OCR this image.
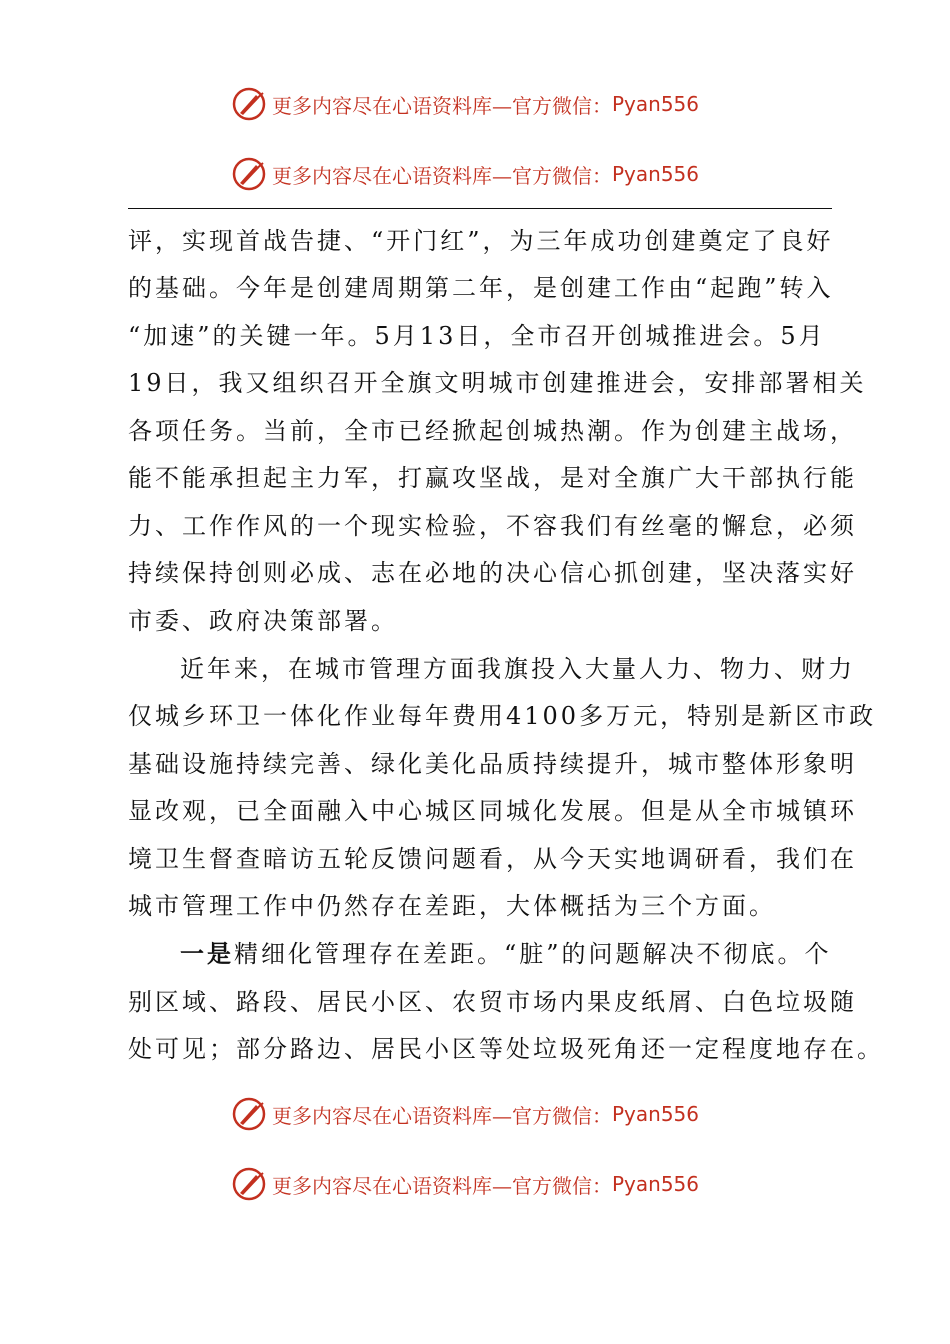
更多内容尽在心语资料库—官方微信： Pyan556
更多内容尽在心语资料库—官方微信： Pyan556
评，实现首战告捷、“开门红”，为三年成功创建奠定了良好
的基础。今年是创建周期第二年，是创建工作由“起跑”转入
“加速”的关键一年。5月13日，全市召开创城推进会。5月
19日，我又组织召开全旗文明城市创建推进会，安排部署相关
各项任务。当前，全市已经掀起创城热潮。作为创建主战场，
能不能承担起主力军，打赢攻坚战，是对全旗广大干部执行能
力、工作作风的一个现实检验，不容我们有丝毫的懈怠，必须
持续保持创则必成、志在必地的决心信心抓创建，坚决落实好
市委、政府决策部署。
近年来，在城市管理方面我旗投入大量人力、物力、财力
仅城乡环卫一体化作业每年费用4100多万元，特别是新区市政
基础设施持续完善、绿化美化品质持续提升，城市整体形象明
显改观，已全面融入中心城区同城化发展。但是从全市城镇环
境卫生督查暗访五轮反馈问题看，从今天实地调研看，我们在
城市管理工作中仍然存在差距，大体概括为三个方面。
一是精细化管理存在差距。“脏”的问题解决不彻底。个
别区域、路段、居民小区、农贸市场内果皮纸屑、白色垃圾随
处可见；部分路边、居民小区等处垃圾死角还一定程度地存在。
更多内容尽在心语资料库—官方微信： Pyan556
更多内容尽在心语资料库—官方微信： Pyan556
